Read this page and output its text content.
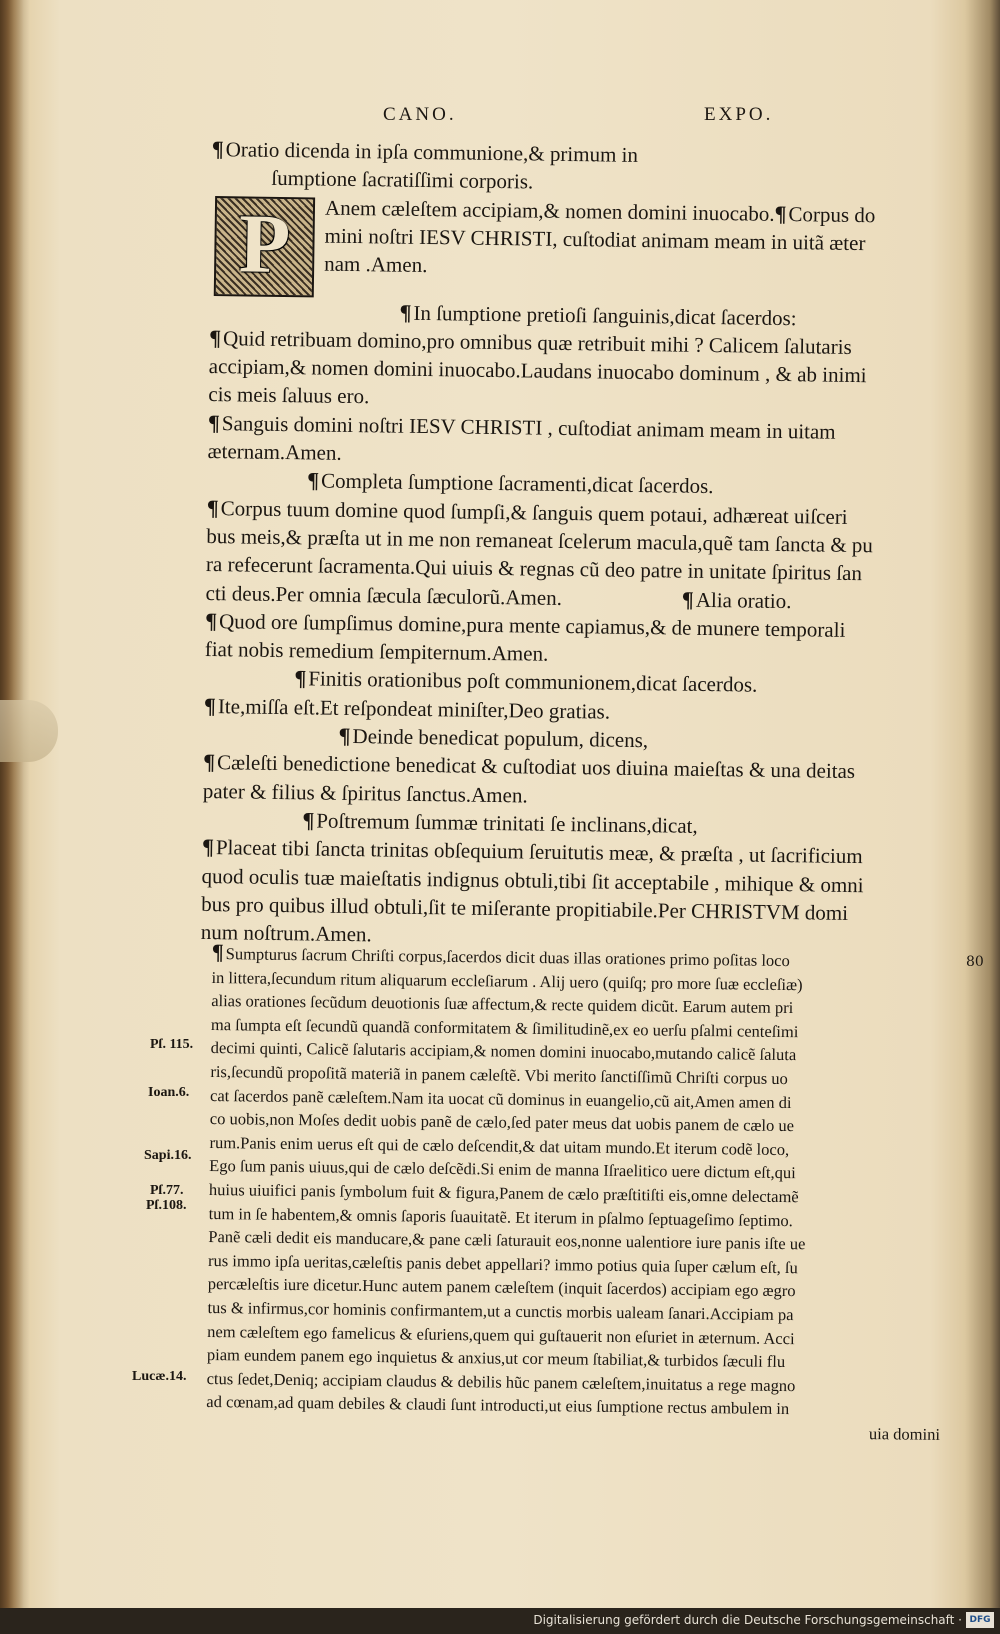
CANO.	EXPO.
¶Oratio dicenda in ipſa communione,& primum in
ſumptione ſacratiſſimi corporis.
P	Anem cæleſtem accipiam,& nomen domini inuocabo.¶Corpus do
mini noſtri IESV CHRISTI, cuſtodiat animam meam in uitã æter
nam .Amen.
¶In ſumptione pretioſi ſanguinis,dicat ſacerdos:
¶Quid retribuam domino,pro omnibus quæ retribuit mihi ? Calicem ſalutaris
accipiam,& nomen domini inuocabo.Laudans inuocabo dominum , & ab inimi
cis meis ſaluus ero.
¶Sanguis domini noſtri IESV CHRISTI , cuſtodiat animam meam in uitam
æternam.Amen.
¶Completa ſumptione ſacramenti,dicat ſacerdos.
¶Corpus tuum domine quod ſumpſi,& ſanguis quem potaui, adhæreat uiſceri
bus meis,& præſta ut in me non remaneat ſcelerum macula,quẽ tam ſancta & pu
ra refecerunt ſacramenta.Qui uiuis & regnas cũ deo patre in unitate ſpiritus ſan
cti deus.Per omnia ſæcula ſæculorũ.Amen.	¶Alia oratio.
¶Quod ore ſumpſimus domine,pura mente capiamus,& de munere temporali
fiat nobis remedium ſempiternum.Amen.
¶Finitis orationibus poſt communionem,dicat ſacerdos.
¶Ite,miſſa eſt.Et reſpondeat miniſter,Deo gratias.
¶Deinde benedicat populum, dicens,
¶Cæleſti benedictione benedicat & cuſtodiat uos diuina maieſtas & una deitas
pater & filius & ſpiritus ſanctus.Amen.
¶Poſtremum ſummæ trinitati ſe inclinans,dicat,
¶Placeat tibi ſancta trinitas obſequium ſeruitutis meæ, & præſta , ut ſacrificium
quod oculis tuæ maieſtatis indignus obtuli,tibi ſit acceptabile , mihique & omni
bus pro quibus illud obtuli,ſit te miſerante propitiabile.Per CHRISTVM domi
num noſtrum.Amen.
¶ Sumpturus ſacrum Chriſti corpus,ſacerdos dicit duas illas orationes primo poſitas loco
in littera,ſecundum ritum aliquarum eccleſiarum . Alij uero (quiſq; pro more ſuæ eccleſiæ)
alias orationes ſecũdum deuotionis ſuæ affectum,& recte quidem dicũt. Earum autem pri
ma ſumpta eſt ſecundũ quandã conformitatem & ſimilitudinẽ,ex eo uerſu pſalmi centeſimi
decimi quinti, Calicẽ ſalutaris accipiam,& nomen domini inuocabo,mutando calicẽ ſaluta
ris,ſecundũ propoſitã materiã in panem cæleſtẽ. Vbi merito ſanctiſſimũ Chriſti corpus uo
cat ſacerdos panẽ cæleſtem.Nam ita uocat cũ dominus in euangelio,cũ ait,Amen amen di
co uobis,non Moſes dedit uobis panẽ de cælo,ſed pater meus dat uobis panem de cælo ue
rum.Panis enim uerus eſt qui de cælo deſcendit,& dat uitam mundo.Et iterum codẽ loco,
Ego ſum panis uiuus,qui de cælo deſcẽdi.Si enim de manna Iſraelitico uere dictum eſt,qui
huius uiuifici panis ſymbolum fuit & figura,Panem de cælo præſtitiſti eis,omne delectamẽ
tum in ſe habentem,& omnis ſaporis ſuauitatẽ. Et iterum in pſalmo ſeptuageſimo ſeptimo.
Panẽ cæli dedit eis manducare,& pane cæli ſaturauit eos,nonne ualentiore iure panis iſte ue
rus immo ipſa ueritas,cæleſtis panis debet appellari? immo potius quia ſuper cælum eſt, ſu
percæleſtis iure dicetur.Hunc autem panem cæleſtem (inquit ſacerdos) accipiam ego ægro
tus & infirmus,cor hominis confirmantem,ut a cunctis morbis ualeam ſanari.Accipiam pa
nem cæleſtem ego famelicus & eſuriens,quem qui guſtauerit non eſuriet in æternum. Acci
piam eundem panem ego inquietus & anxius,ut cor meum ſtabiliat,& turbidos ſæculi flu
ctus ſedet,Deniq; accipiam claudus & debilis hũc panem cæleſtem,inuitatus a rege magno
ad cœnam,ad quam debiles & claudi ſunt introducti,ut eius ſumptione rectus ambulem in
uia domini
Pſ. 115.
Ioan.6.
Sapi.16.
Pſ.77.
Pſ.108.
Lucæ.14.
80
Digitalisierung gefördert durch die Deutsche Forschungsgemeinschaft · DFG
